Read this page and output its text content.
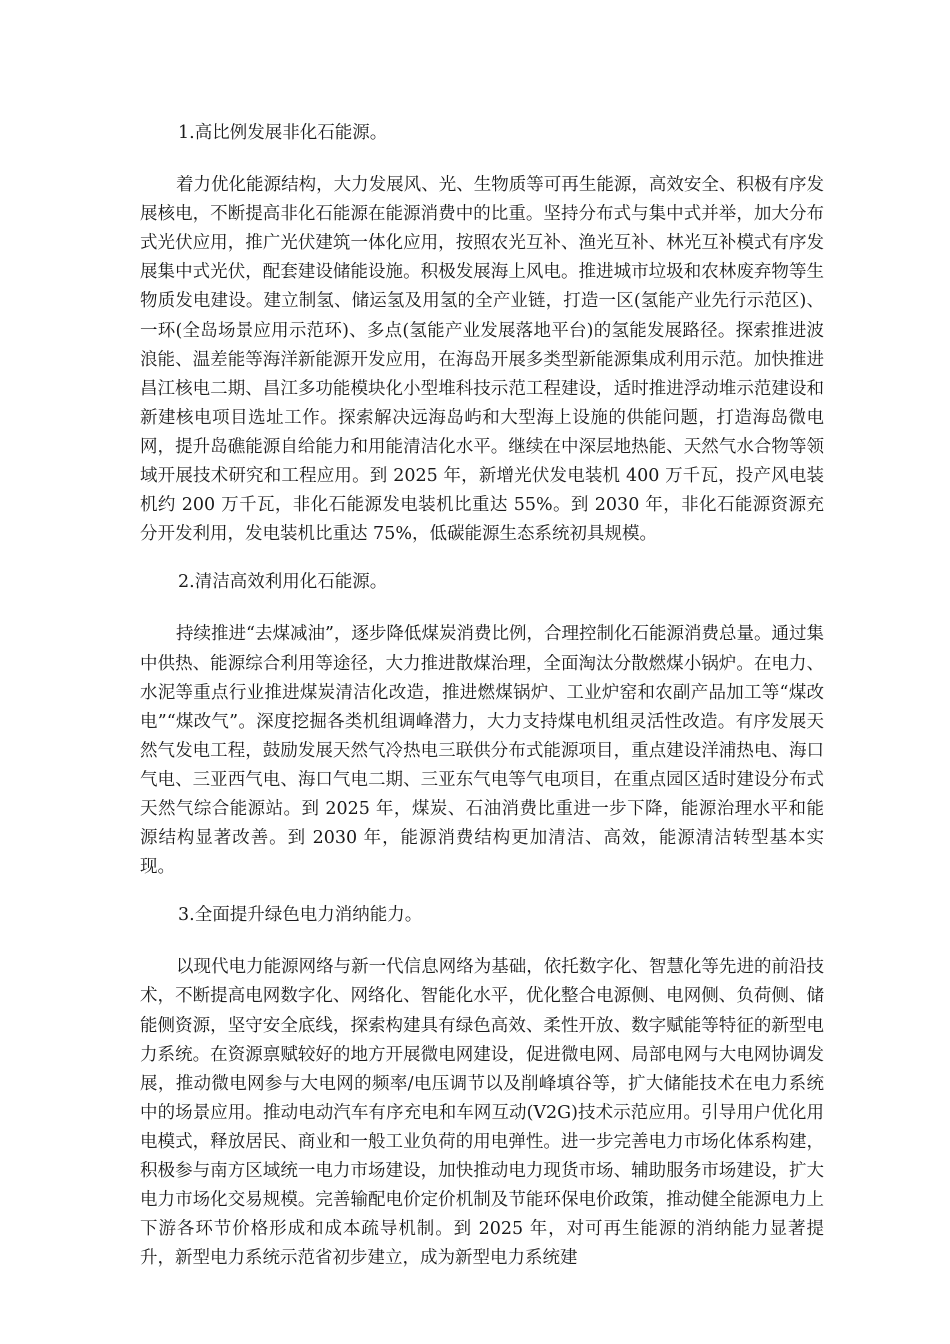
1.高比例发展非化石能源。

着力优化能源结构，大力发展风、光、生物质等可再生能源，高效安全、积极有序发展核电，不断提高非化石能源在能源消费中的比重。坚持分布式与集中式并举，加大分布式光伏应用，推广光伏建筑一体化应用，按照农光互补、渔光互补、林光互补模式有序发展集中式光伏，配套建设储能设施。积极发展海上风电。推进城市垃圾和农林废弃物等生物质发电建设。建立制氢、储运氢及用氢的全产业链，打造一区(氢能产业先行示范区)、一环(全岛场景应用示范环)、多点(氢能产业发展落地平台)的氢能发展路径。探索推进波浪能、温差能等海洋新能源开发应用，在海岛开展多类型新能源集成利用示范。加快推进昌江核电二期、昌江多功能模块化小型堆科技示范工程建设，适时推进浮动堆示范建设和新建核电项目选址工作。探索解决远海岛屿和大型海上设施的供能问题，打造海岛微电网，提升岛礁能源自给能力和用能清洁化水平。继续在中深层地热能、天然气水合物等领域开展技术研究和工程应用。到 2025 年，新增光伏发电装机 400 万千瓦，投产风电装机约 200 万千瓦，非化石能源发电装机比重达 55%。到 2030 年，非化石能源资源充分开发利用，发电装机比重达 75%，低碳能源生态系统初具规模。

2.清洁高效利用化石能源。

持续推进“去煤减油”，逐步降低煤炭消费比例，合理控制化石能源消费总量。通过集中供热、能源综合利用等途径，大力推进散煤治理，全面淘汰分散燃煤小锅炉。在电力、水泥等重点行业推进煤炭清洁化改造，推进燃煤锅炉、工业炉窑和农副产品加工等“煤改电”“煤改气”。深度挖掘各类机组调峰潜力，大力支持煤电机组灵活性改造。有序发展天然气发电工程，鼓励发展天然气冷热电三联供分布式能源项目，重点建设洋浦热电、海口气电、三亚西气电、海口气电二期、三亚东气电等气电项目，在重点园区适时建设分布式天然气综合能源站。到 2025 年，煤炭、石油消费比重进一步下降，能源治理水平和能源结构显著改善。到 2030 年，能源消费结构更加清洁、高效，能源清洁转型基本实现。

3.全面提升绿色电力消纳能力。

以现代电力能源网络与新一代信息网络为基础，依托数字化、智慧化等先进的前沿技术，不断提高电网数字化、网络化、智能化水平，优化整合电源侧、电网侧、负荷侧、储能侧资源，坚守安全底线，探索构建具有绿色高效、柔性开放、数字赋能等特征的新型电力系统。在资源禀赋较好的地方开展微电网建设，促进微电网、局部电网与大电网协调发展，推动微电网参与大电网的频率/电压调节以及削峰填谷等，扩大储能技术在电力系统中的场景应用。推动电动汽车有序充电和车网互动(V2G)技术示范应用。引导用户优化用电模式，释放居民、商业和一般工业负荷的用电弹性。进一步完善电力市场化体系构建，积极参与南方区域统一电力市场建设，加快推动电力现货市场、辅助服务市场建设，扩大电力市场化交易规模。完善输配电价定价机制及节能环保电价政策，推动健全能源电力上下游各环节价格形成和成本疏导机制。到 2025 年，对可再生能源的消纳能力显著提升，新型电力系统示范省初步建立，成为新型电力系统建
